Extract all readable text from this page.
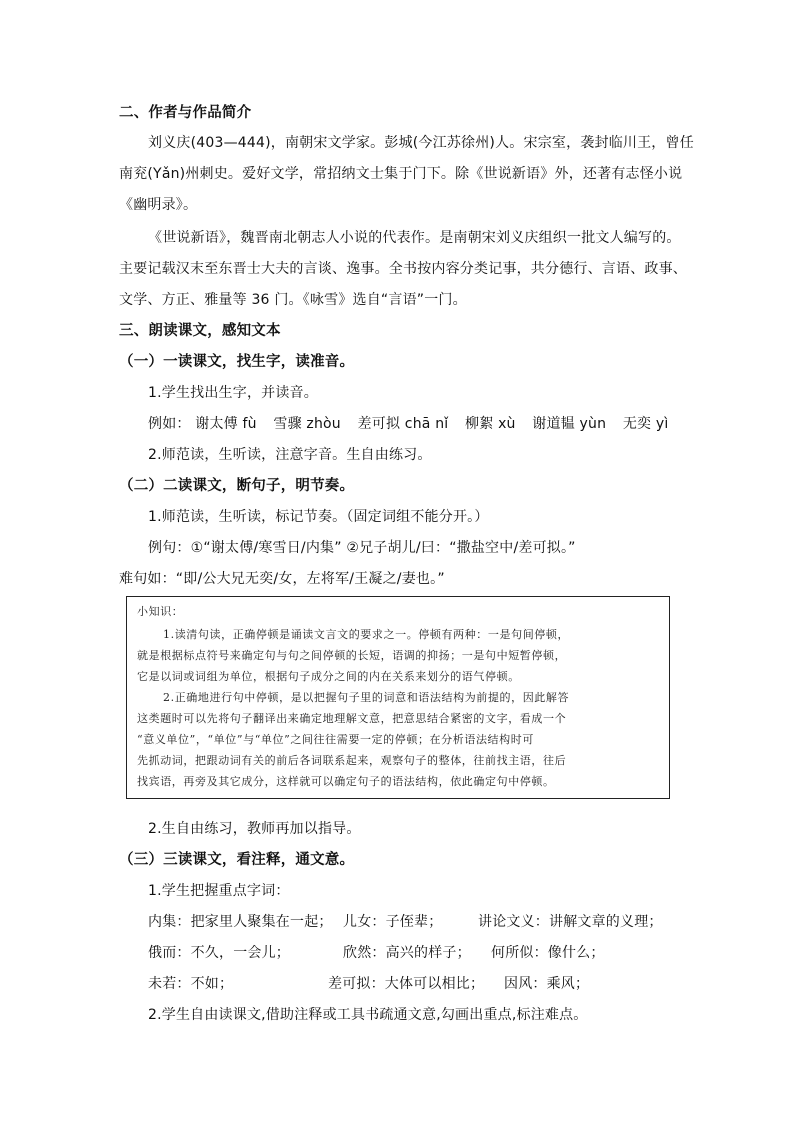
二、作者与作品简介
刘义庆(403—444)，南朝宋文学家。彭城(今江苏徐州)人。宋宗室，袭封临川王，曾任
南兖(Yǎn)州刺史。爱好文学，常招纳文士集于门下。除《世说新语》外，还著有志怪小说
《幽明录》。
《世说新语》，魏晋南北朝志人小说的代表作。是南朝宋刘义庆组织一批文人编写的。
主要记载汉末至东晋士大夫的言谈、逸事。全书按内容分类记事，共分德行、言语、政事、
文学、方正、雅量等 36 门。《咏雪》选自“言语”一门。
三、朗读课文，感知文本
（一）一读课文，找生字，读准音。
1.学生找出生字，并读音。
例如： 谢太傅 fù 雪骤 zhòu 差可拟 chā nǐ 柳絮 xù 谢道韫 yùn 无奕 yì
2.师范读，生听读，注意字音。生自由练习。
（二）二读课文，断句子，明节奏。
1.师范读，生听读，标记节奏。（固定词组不能分开。）
例句：①“谢太傅/寒雪日/内集” ②兄子胡儿/曰：“撒盐空中/差可拟。”
难句如：“即/公大兄无奕/女，左将军/王凝之/妻也。”
小知识：
1.读清句读，正确停顿是诵读文言文的要求之一。停顿有两种：一是句间停顿，
就是根据标点符号来确定句与句之间停顿的长短，语调的抑扬；一是句中短暂停顿，
它是以词或词组为单位，根据句子成分之间的内在关系来划分的语气停顿。
2.正确地进行句中停顿，是以把握句子里的词意和语法结构为前提的，因此解答
这类题时可以先将句子翻译出来确定地理解文意，把意思结合紧密的文字，看成一个
“意义单位”，“单位”与“单位”之间往往需要一定的停顿；在分析语法结构时可
先抓动词，把跟动词有关的前后各词联系起来，观察句子的整体，往前找主语，往后
找宾语，再旁及其它成分，这样就可以确定句子的语法结构，依此确定句中停顿。
2.生自由练习，教师再加以指导。
（三）三读课文，看注释，通文意。
1.学生把握重点字词：
内集：把家里人聚集在一起； 儿女：子侄辈；	讲论文义：讲解文章的义理；
俄而：不久，一会儿；	欣然：高兴的样子； 何所似：像什么；
未若：不如；	差可拟：大体可以相比； 因风：乘风；
2.学生自由读课文,借助注释或工具书疏通文意,勾画出重点,标注难点。
